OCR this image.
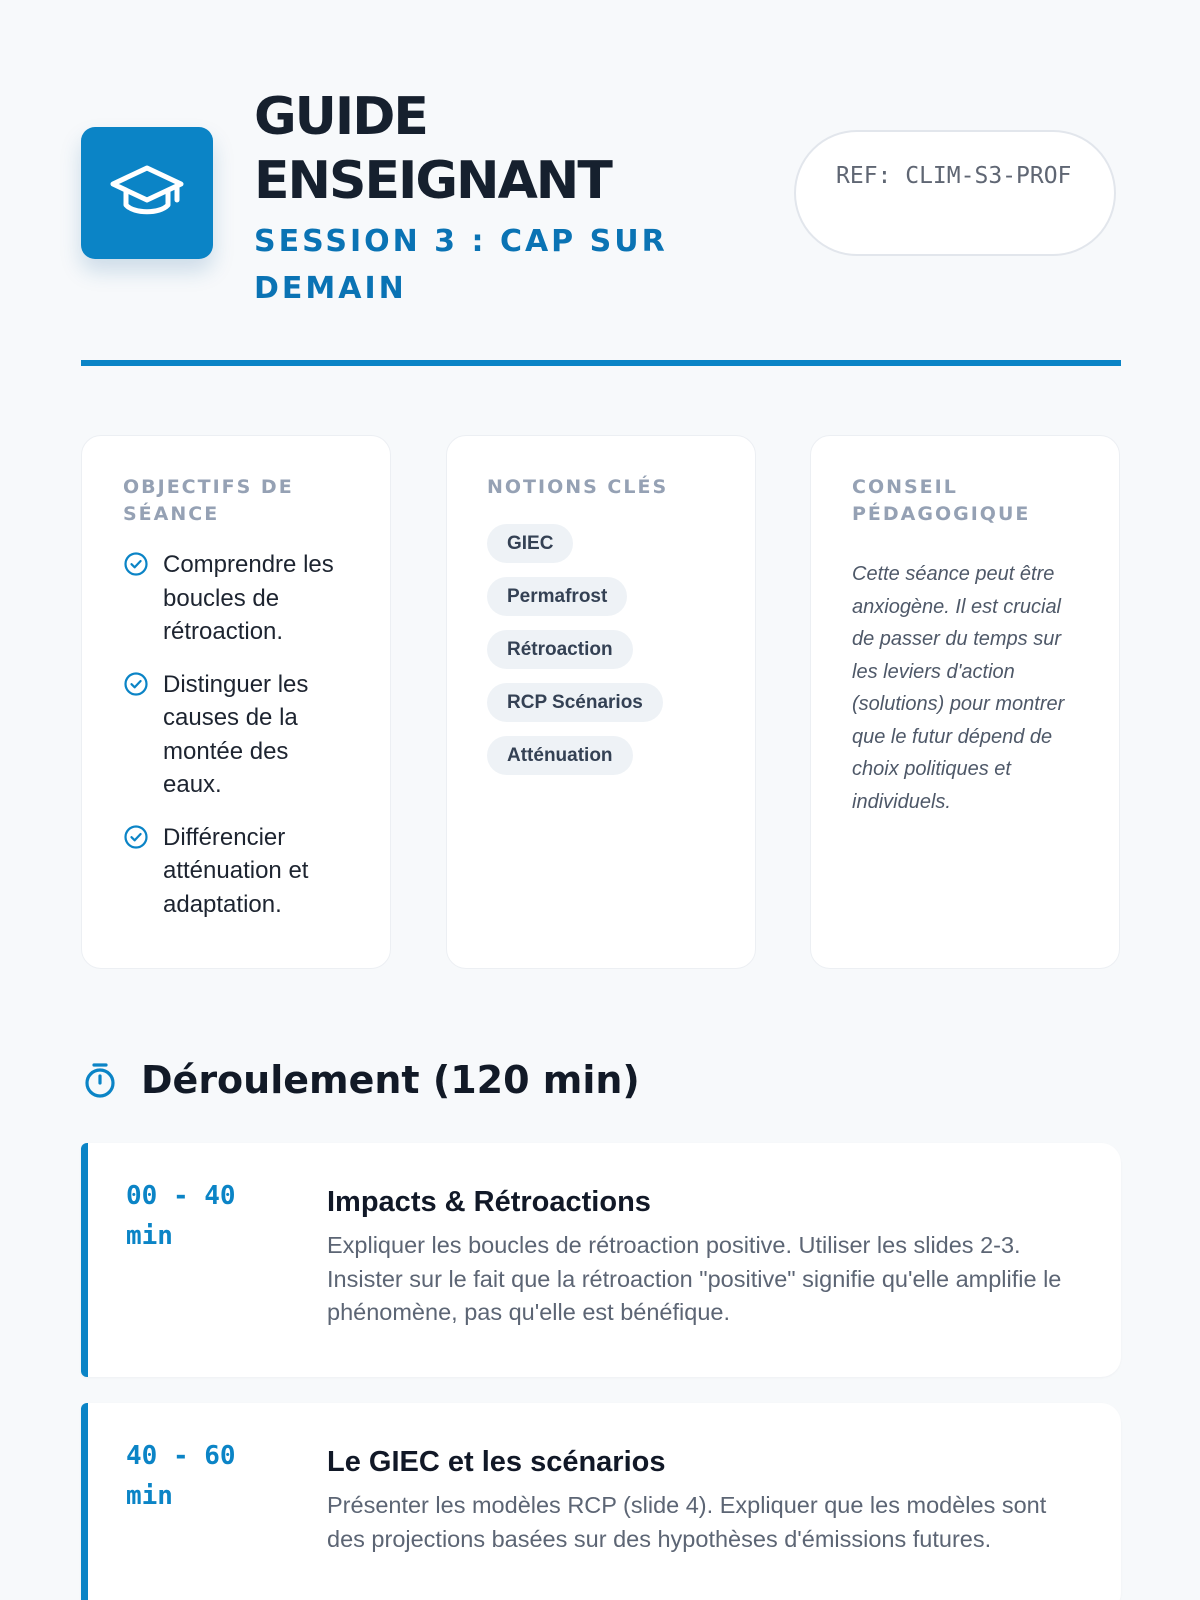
GUIDE
ENSEIGNANT

SESSION 3 : CAP SUR DEMAIN

REF: CLIM-S3-PROF
OBJECTIFS DE SÉANCE
Comprendre les boucles de rétroaction.
Distinguer les causes de la montée des eaux.
Différencier atténuation et adaptation.
NOTIONS CLÉS
GIEC
Permafrost
Rétroaction
RCP Scénarios
Atténuation
CONSEIL PÉDAGOGIQUE

Cette séance peut être anxiogène. Il est crucial de passer du temps sur les leviers d'action (solutions) pour montrer que le futur dépend de choix politiques et individuels.

Déroulement (120 min)
00 - 40 min
Impacts & Rétroactions

Expliquer les boucles de rétroaction positive. Utiliser les slides 2-3. Insister sur le fait que la rétroaction "positive" signifie qu'elle amplifie le phénomène, pas qu'elle est bénéfique.

40 - 60 min
Le GIEC et les scénarios

Présenter les modèles RCP (slide 4). Expliquer que les modèles sont des projections basées sur des hypothèses d'émissions futures.
